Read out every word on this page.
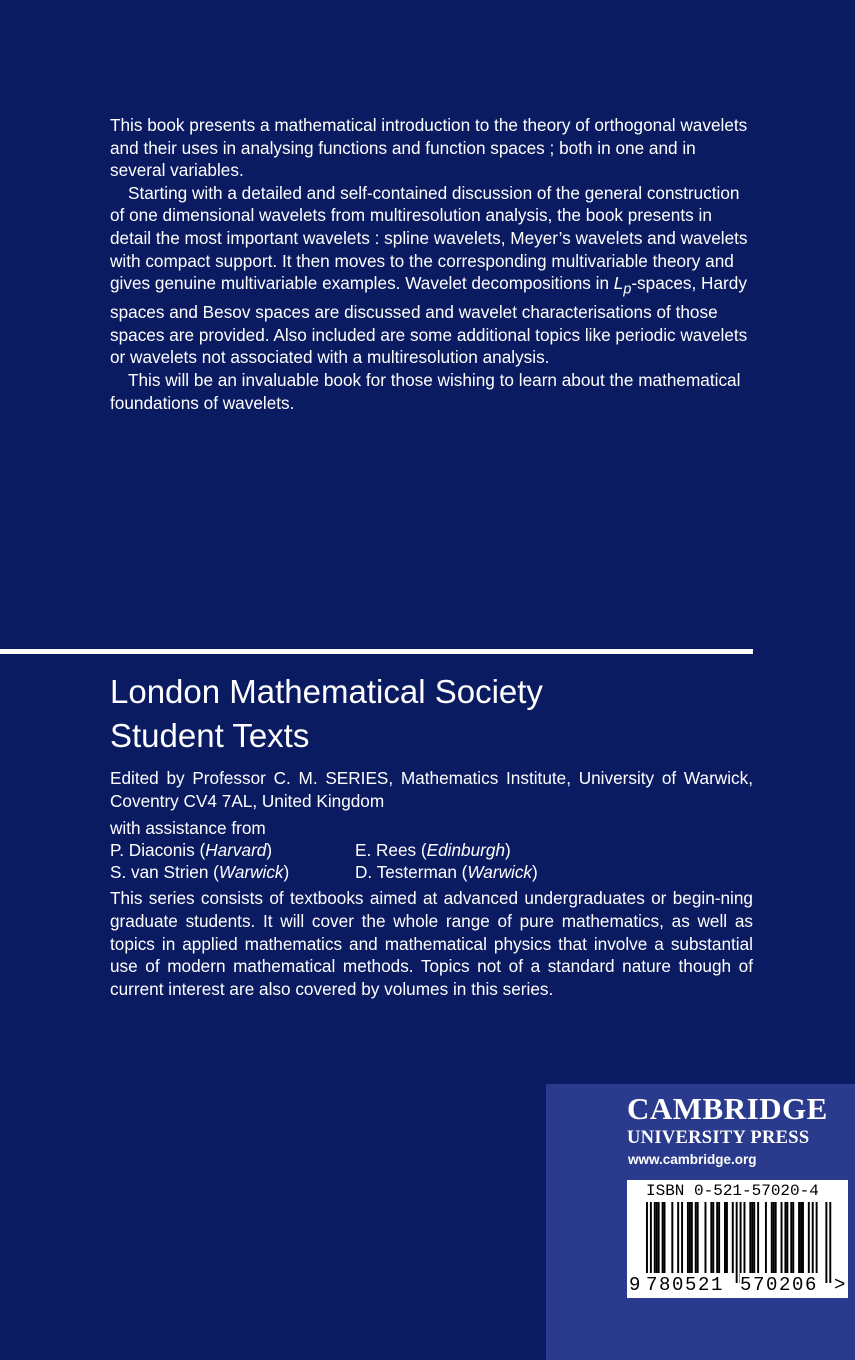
This book presents a mathematical introduction to the theory of orthogonal wavelets and their uses in analysing functions and function spaces ; both in one and in several variables.

Starting with a detailed and self-contained discussion of the general construction of one dimensional wavelets from multiresolution analysis, the book presents in detail the most important wavelets : spline wavelets, Meyer’s wavelets and wavelets with compact support. It then moves to the corresponding multivariable theory and gives genuine multivariable examples. Wavelet decompositions in $L_p$-spaces, Hardy spaces and Besov spaces are discussed and wavelet characterisations of those spaces are provided. Also included are some additional topics like periodic wavelets or wavelets not associated with a multiresolution analysis.

This will be an invaluable book for those wishing to learn about the mathematical foundations of wavelets.

London Mathematical Society
Student Texts
Edited by Professor C. M. SERIES, Mathematics Institute, University of Warwick, Coventry CV4 7AL, United Kingdom
with assistance from
P. Diaconis (Harvard)	E. Rees (Edinburgh)
S. van Strien (Warwick)	D. Testerman (Warwick)
This series consists of textbooks aimed at advanced undergraduates or begin-ning graduate students. It will cover the whole range of pure mathematics, as well as topics in applied mathematics and mathematical physics that involve a substantial use of modern mathematical methods. Topics not of a standard nature though of current interest are also covered by volumes in this series.
CAMBRIDGE
UNIVERSITY PRESS
www.cambridge.org
ISBN 0-521-57020-4
9 780521 570206 >
